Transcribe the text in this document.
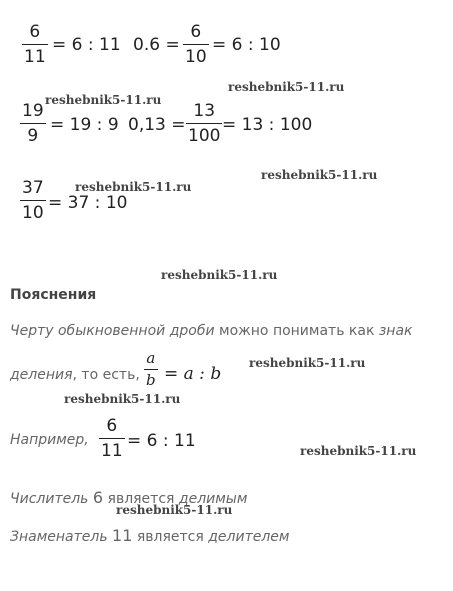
6
11
= 6 : 11 0.6 =
6
10
= 6 : 10
19
9
= 19 : 9 0,13 =
13
100
= 13 : 100
37
10 = 37 : 10
reshebnik5-11.ru
reshebnik5-11.ru
reshebnik5-11.ru
reshebnik5-11.ru
reshebnik5-11.ru
reshebnik5-11.ru
reshebnik5-11.ru
reshebnik5-11.ru
reshebnik5-11.ru
Пояснения
Черту обыкновенной дроби можно понимать как знак
деления, то есть,
a
b = a : b
Например,
6
11 = 6 : 11
Числитель 6 является делимым
Знаменатель 11 является делителем
